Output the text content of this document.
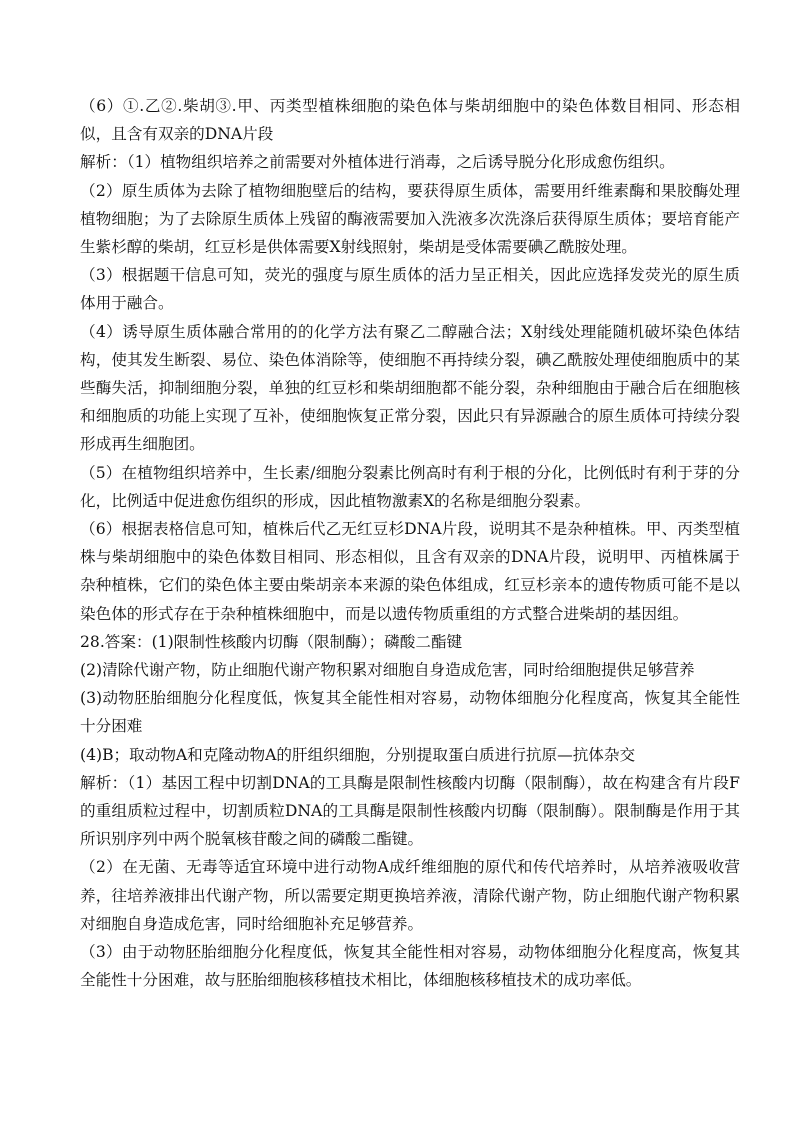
（6）①.乙②.柴胡③.甲、丙类型植株细胞的染色体与柴胡细胞中的染色体数目相同、形态相似，且含有双亲的DNA片段

解析：（1）植物组织培养之前需要对外植体进行消毒，之后诱导脱分化形成愈伤组织。

（2）原生质体为去除了植物细胞壁后的结构，要获得原生质体，需要用纤维素酶和果胶酶处理植物细胞；为了去除原生质体上残留的酶液需要加入洗液多次洗涤后获得原生质体；要培育能产生紫杉醇的柴胡，红豆杉是供体需要X射线照射，柴胡是受体需要碘乙酰胺处理。

（3）根据题干信息可知，荧光的强度与原生质体的活力呈正相关，因此应选择发荧光的原生质体用于融合。

（4）诱导原生质体融合常用的的化学方法有聚乙二醇融合法；X射线处理能随机破坏染色体结构，使其发生断裂、易位、染色体消除等，使细胞不再持续分裂，碘乙酰胺处理使细胞质中的某些酶失活，抑制细胞分裂，单独的红豆杉和柴胡细胞都不能分裂，杂种细胞由于融合后在细胞核和细胞质的功能上实现了互补，使细胞恢复正常分裂，因此只有异源融合的原生质体可持续分裂形成再生细胞团。

（5）在植物组织培养中，生长素/细胞分裂素比例高时有利于根的分化，比例低时有利于芽的分化，比例适中促进愈伤组织的形成，因此植物激素X的名称是细胞分裂素。

（6）根据表格信息可知，植株后代乙无红豆杉DNA片段，说明其不是杂种植株。甲、丙类型植株与柴胡细胞中的染色体数目相同、形态相似，且含有双亲的DNA片段，说明甲、丙植株属于杂种植株，它们的染色体主要由柴胡亲本来源的染色体组成，红豆杉亲本的遗传物质可能不是以染色体的形式存在于杂种植株细胞中，而是以遗传物质重组的方式整合进柴胡的基因组。

28.答案：(1)限制性核酸内切酶（限制酶）；磷酸二酯键

(2)清除代谢产物，防止细胞代谢产物积累对细胞自身造成危害，同时给细胞提供足够营养

(3)动物胚胎细胞分化程度低，恢复其全能性相对容易，动物体细胞分化程度高，恢复其全能性十分困难

(4)B；取动物A和克隆动物A的肝组织细胞，分别提取蛋白质进行抗原—抗体杂交

解析：（1）基因工程中切割DNA的工具酶是限制性核酸内切酶（限制酶），故在构建含有片段F的重组质粒过程中，切割质粒DNA的工具酶是限制性核酸内切酶（限制酶）。限制酶是作用于其所识别序列中两个脱氧核苷酸之间的磷酸二酯键。

（2）在无菌、无毒等适宜环境中进行动物A成纤维细胞的原代和传代培养时，从培养液吸收营养，往培养液排出代谢产物，所以需要定期更换培养液，清除代谢产物，防止细胞代谢产物积累对细胞自身造成危害，同时给细胞补充足够营养。

（3）由于动物胚胎细胞分化程度低，恢复其全能性相对容易，动物体细胞分化程度高，恢复其全能性十分困难，故与胚胎细胞核移植技术相比，体细胞核移植技术的成功率低。
